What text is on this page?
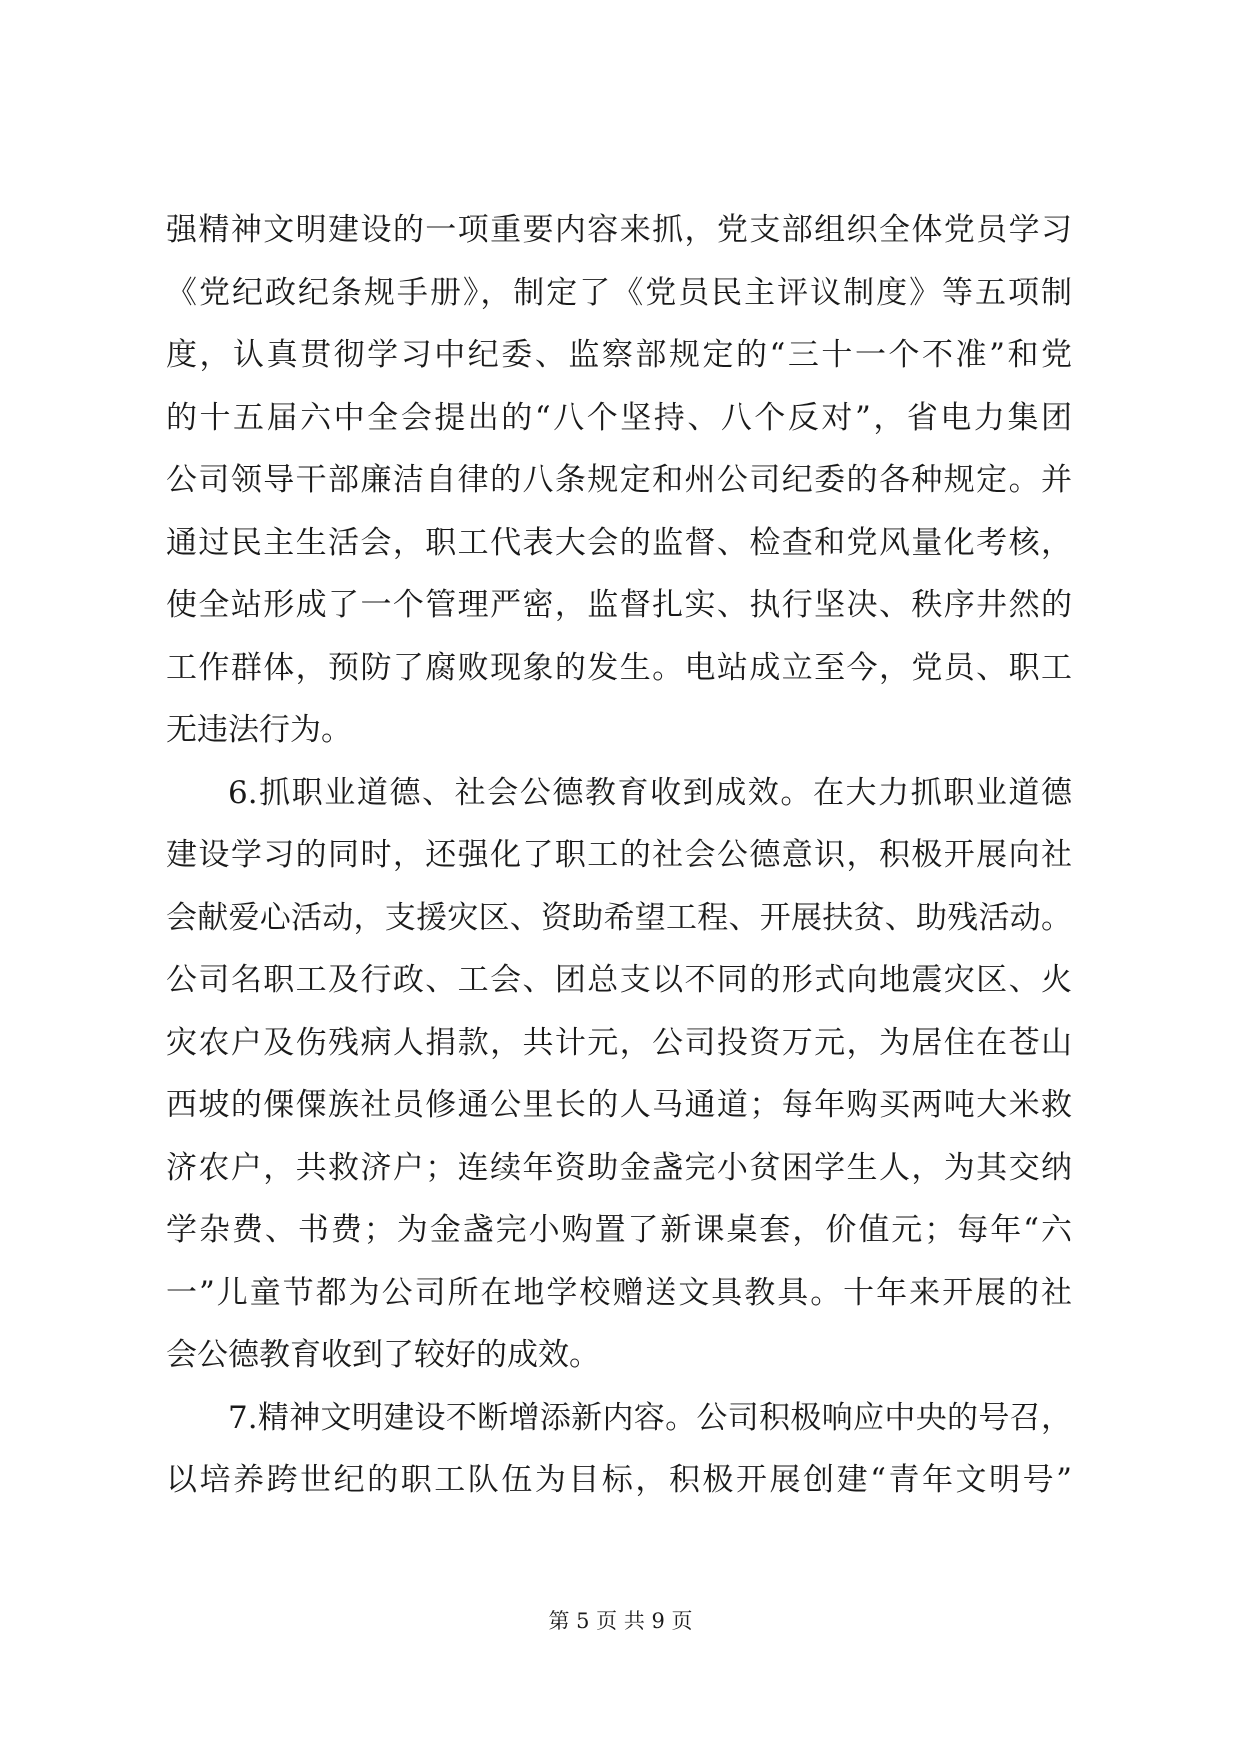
强精神文明建设的一项重要内容来抓，党支部组织全体党员学习
《党纪政纪条规手册》，制定了《党员民主评议制度》等五项制
度，认真贯彻学习中纪委、监察部规定的“三十一个不准”和党
的十五届六中全会提出的“八个坚持、八个反对”，省电力集团
公司领导干部廉洁自律的八条规定和州公司纪委的各种规定。并
通过民主生活会，职工代表大会的监督、检查和党风量化考核，
使全站形成了一个管理严密，监督扎实、执行坚决、秩序井然的
工作群体，预防了腐败现象的发生。电站成立至今，党员、职工
无违法行为。
6.抓职业道德、社会公德教育收到成效。在大力抓职业道德
建设学习的同时，还强化了职工的社会公德意识，积极开展向社
会献爱心活动，支援灾区、资助希望工程、开展扶贫、助残活动。
公司名职工及行政、工会、团总支以不同的形式向地震灾区、火
灾农户及伤残病人捐款，共计元，公司投资万元，为居住在苍山
西坡的傈僳族社员修通公里长的人马通道；每年购买两吨大米救
济农户，共救济户；连续年资助金盏完小贫困学生人，为其交纳
学杂费、书费；为金盏完小购置了新课桌套，价值元；每年“六
一”儿童节都为公司所在地学校赠送文具教具。十年来开展的社
会公德教育收到了较好的成效。
7.精神文明建设不断增添新内容。公司积极响应中央的号召，
以培养跨世纪的职工队伍为目标，积极开展创建“青年文明号”
第 5 页 共 9 页
